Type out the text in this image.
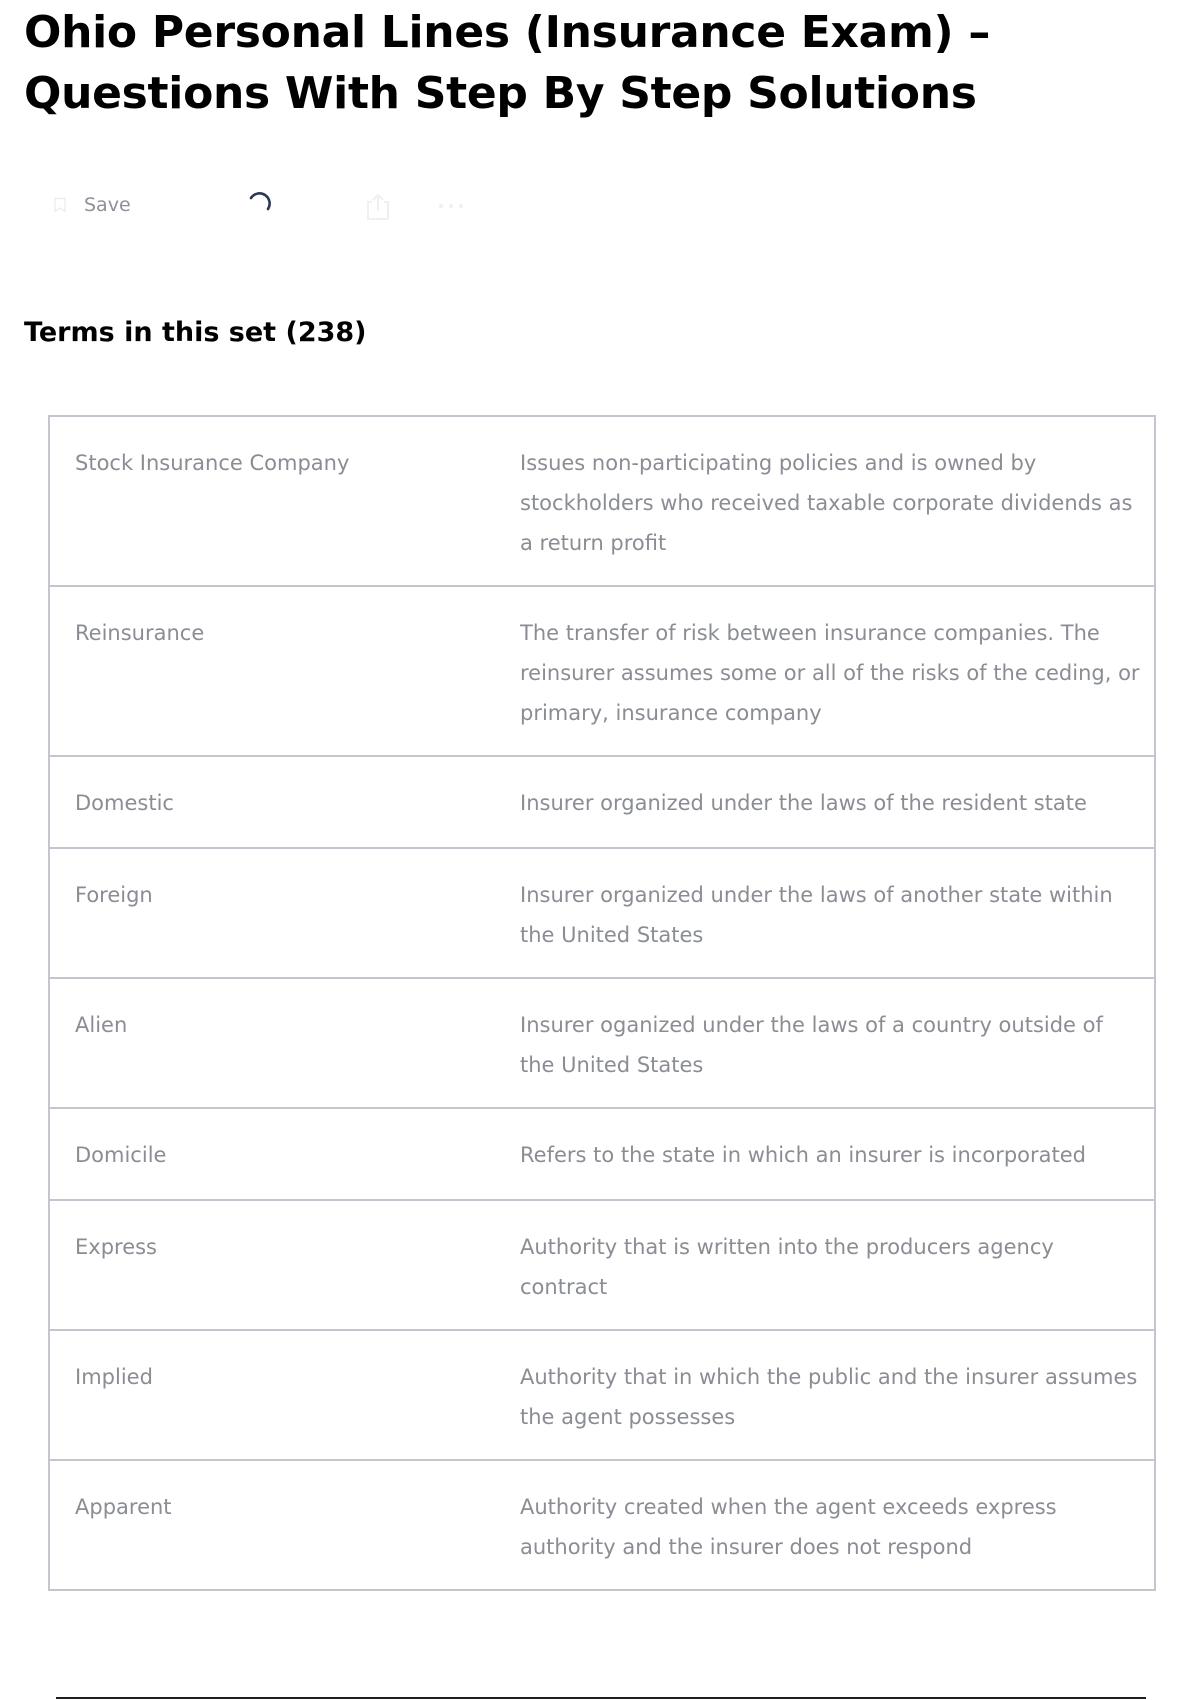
Ohio Personal Lines (Insurance Exam) – Questions With Step By Step Solutions
Save
Terms in this set (238)
Stock Insurance Company	Issues non-participating policies and is owned by stockholders who received taxable corporate dividends as a return profit
Reinsurance	The transfer of risk between insurance companies. The reinsurer assumes some or all of the risks of the ceding, or primary, insurance company
Domestic	Insurer organized under the laws of the resident state
Foreign	Insurer organized under the laws of another state within the United States
Alien	Insurer oganized under the laws of a country outside of the United States
Domicile	Refers to the state in which an insurer is incorporated
Express	Authority that is written into the producers agency contract
Implied	Authority that in which the public and the insurer assumes the agent possesses
Apparent	Authority created when the agent exceeds express authority and the insurer does not respond
